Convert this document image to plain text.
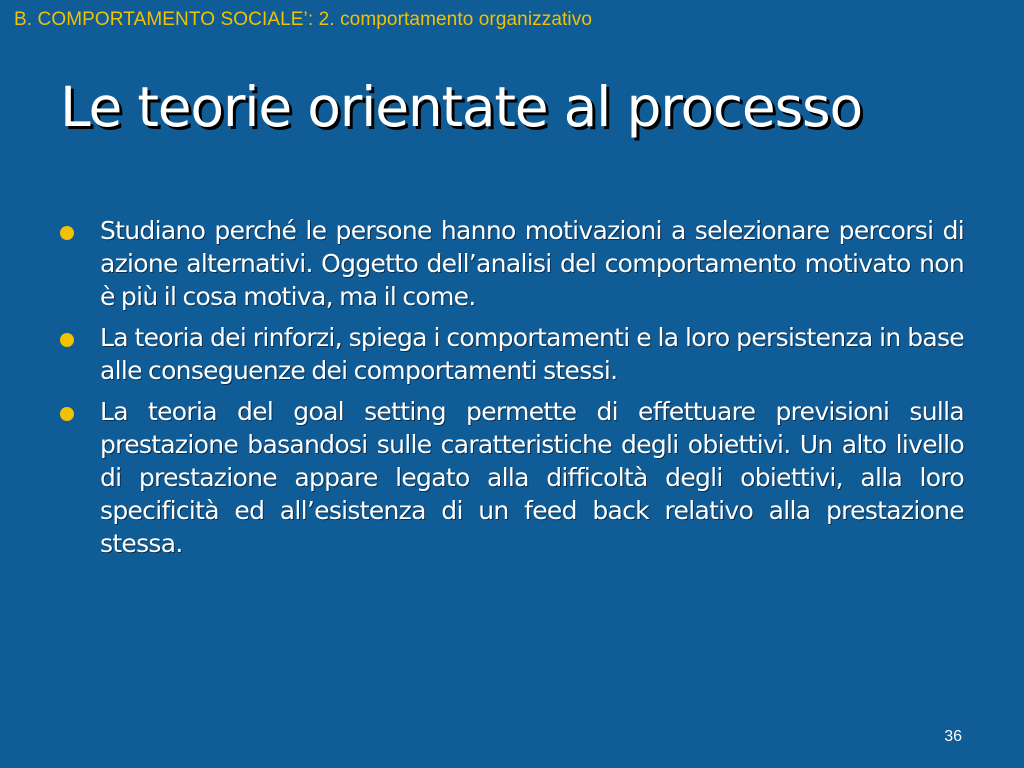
B. COMPORTAMENTO SOCIALE’: 2. comportamento organizzativo
Le teorie orientate al processo
Studiano perché le persone hanno motivazioni a selezionare percorsi di azione alternativi. Oggetto dell’analisi del comportamento motivato non è più il cosa motiva, ma il come.
La teoria dei rinforzi, spiega i comportamenti e la loro persistenza in base alle conseguenze dei comportamenti stessi.
La teoria del goal setting permette di effettuare previsioni sulla prestazione basandosi sulle caratteristiche degli obiettivi. Un alto livello di prestazione appare legato alla difficoltà degli obiettivi, alla loro specificità ed all’esistenza di un feed back relativo alla prestazione stessa.
36
